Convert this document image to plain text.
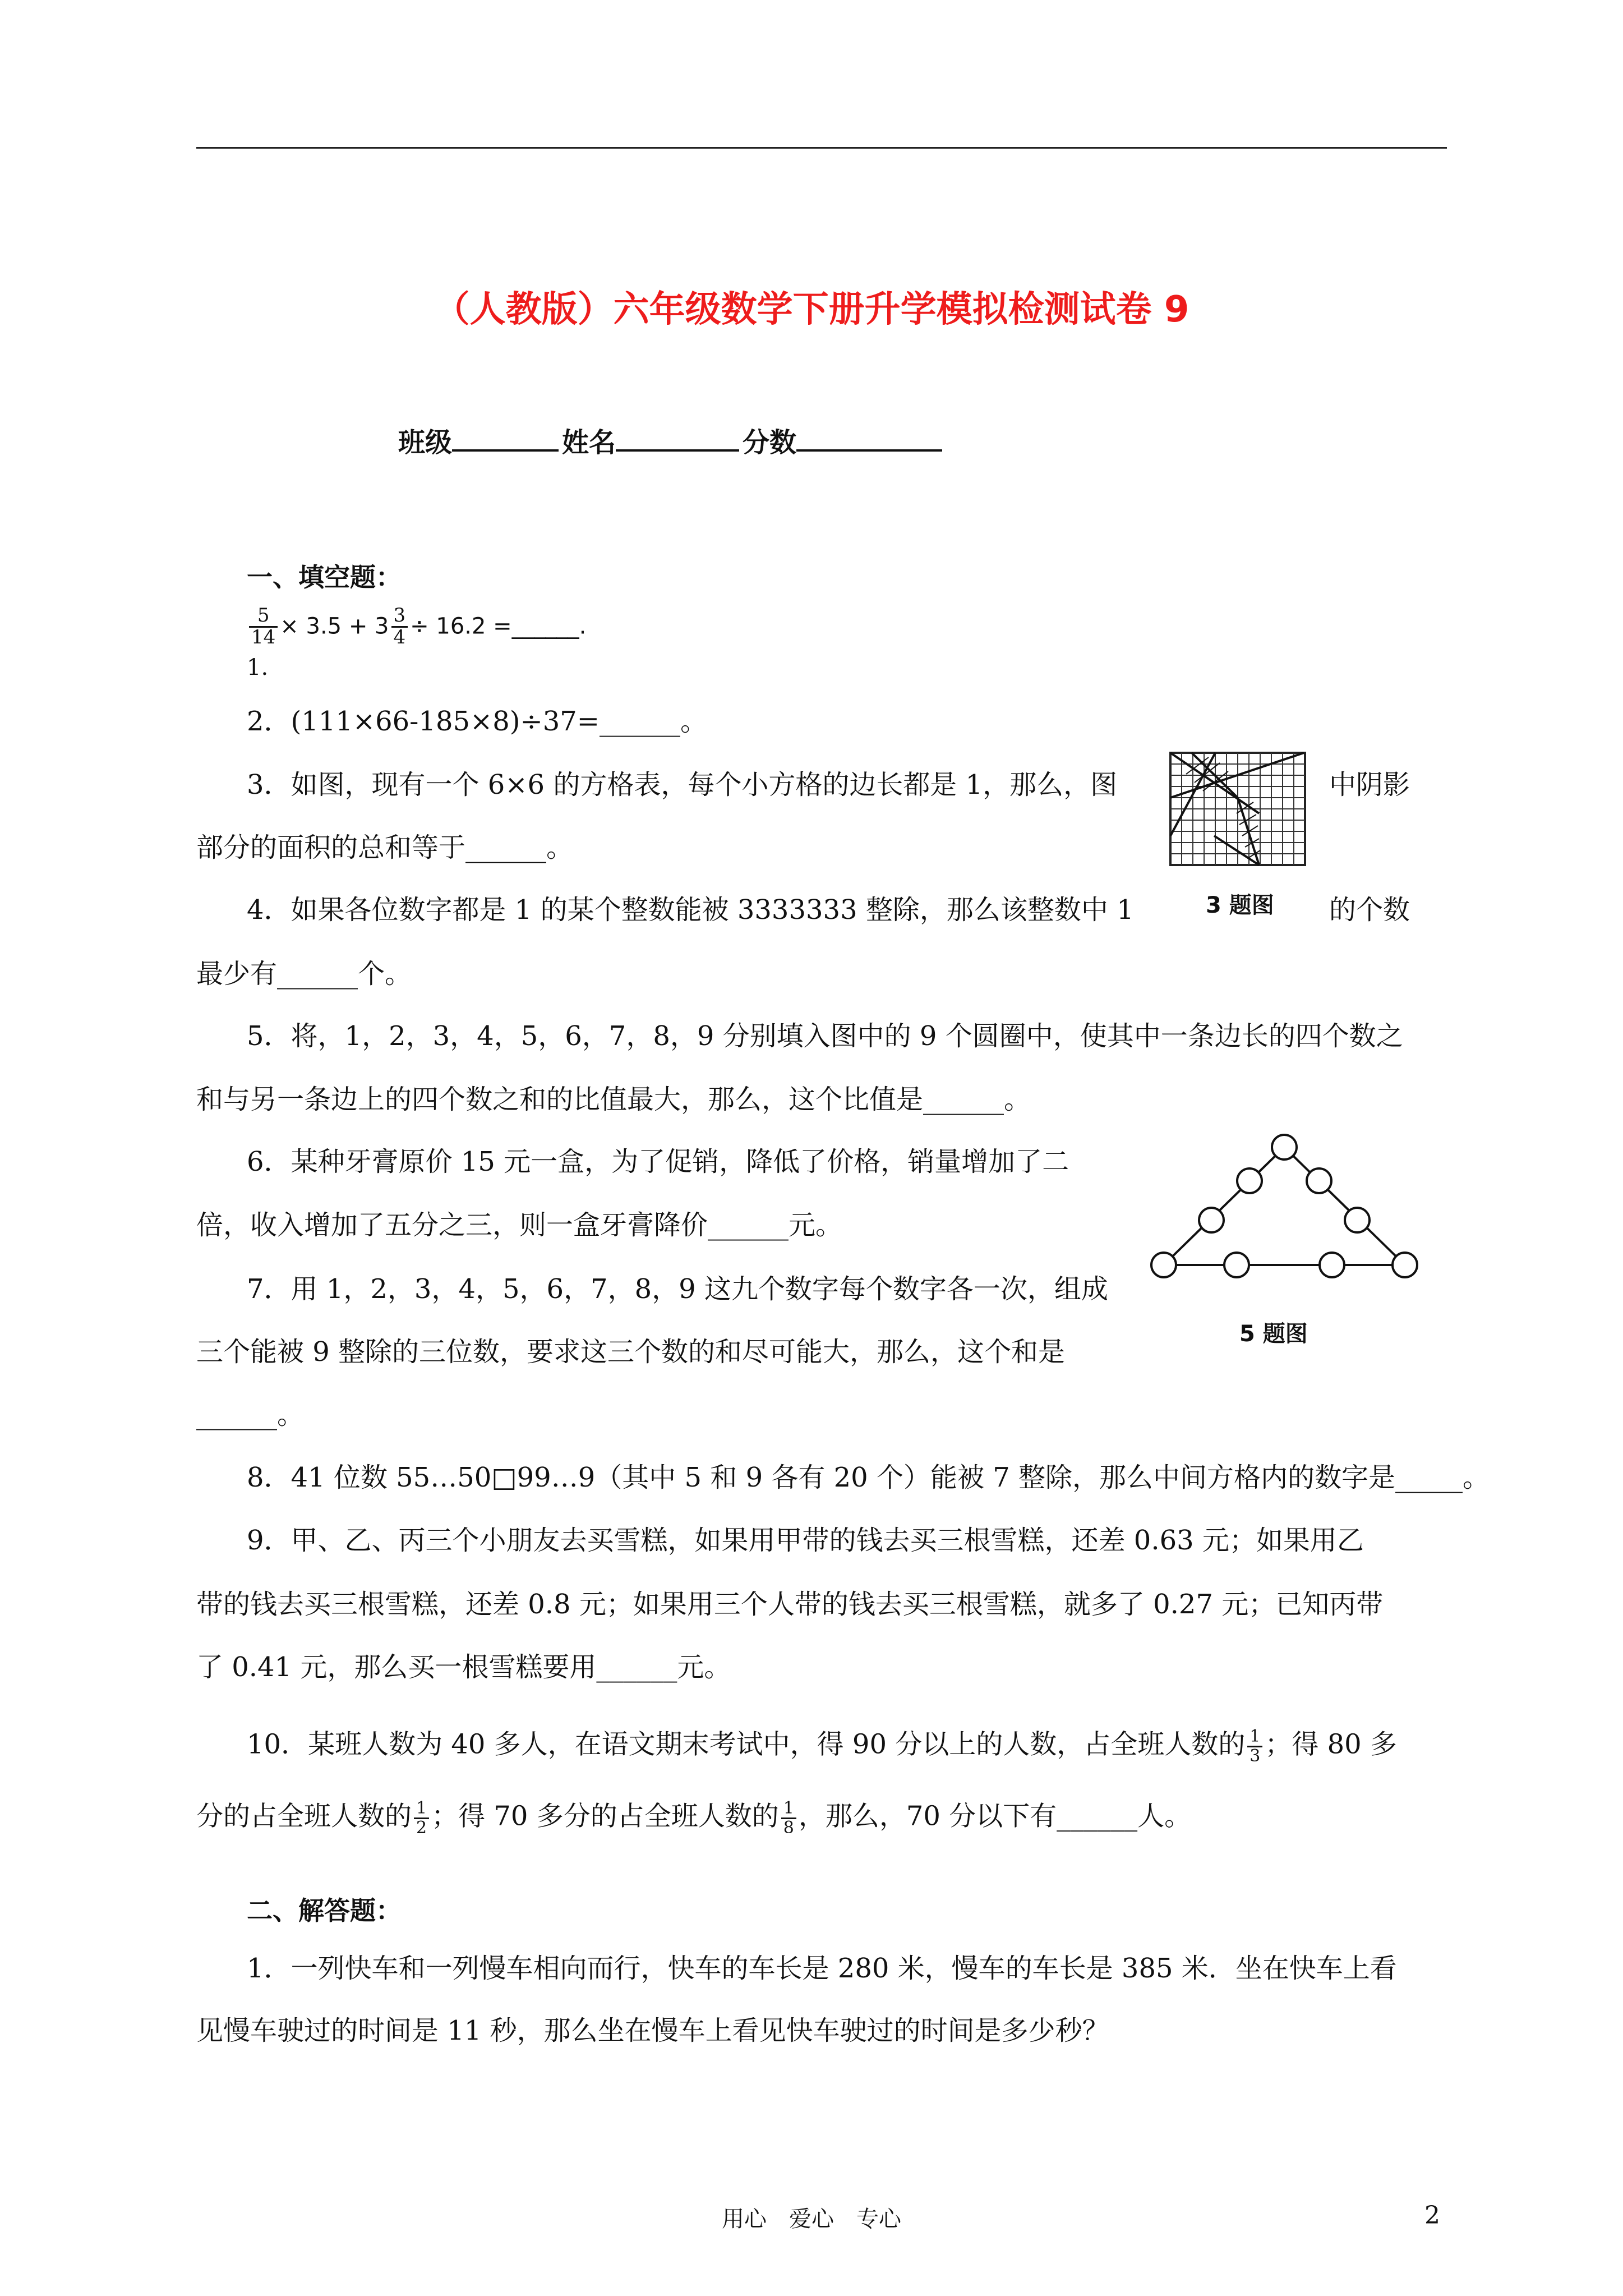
（人教版）六年级数学下册升学模拟检测试卷 9
班级	姓名	分数
一、填空题：
$\frac{5}{14} \times 3.5 + 3 \frac{3}{4} \div 16.2$ =______.
1.
2．(111×66-185×8)÷37=______。
3．如图，现有一个 6×6 的方格表，每个小方格的边长都是 1，那么，图	中阴影
部分的面积的总和等于______。
3 题图
4．如果各位数字都是 1 的某个整数能被 3333333 整除，那么该整数中 1	的个数
最少有______个。
5．将，1，2，3，4，5，6，7，8，9 分别填入图中的 9 个圆圈中，使其中一条边长的四个数之
和与另一条边上的四个数之和的比值最大，那么，这个比值是______。
6．某种牙膏原价 15 元一盒，为了促销，降低了价格，销量增加了二
倍，收入增加了五分之三，则一盒牙膏降价______元。
5 题图
7．用 1，2，3，4，5，6，7，8，9 这九个数字每个数字各一次，组成
三个能被 9 整除的三位数，要求这三个数的和尽可能大，那么，这个和是
______。
8．41 位数 55…50□99…9（其中 5 和 9 各有 20 个）能被 7 整除，那么中间方格内的数字是_____。
9．甲、乙、丙三个小朋友去买雪糕，如果用甲带的钱去买三根雪糕，还差 0.63 元；如果用乙
带的钱去买三根雪糕，还差 0.8 元；如果用三个人带的钱去买三根雪糕，就多了 0.27 元；已知丙带
了 0.41 元，那么买一根雪糕要用______元。
10．某班人数为 40 多人，在语文期末考试中，得 90 分以上的人数，占全班人数的 $\frac{1}{3}$ ；得 80 多
分的占全班人数的 $\frac{1}{2}$ ；得 70 多分的占全班人数的 $\frac{1}{8}$ ，那么，70 分以下有______人。
二、解答题：
1．一列快车和一列慢车相向而行，快车的车长是 280 米，慢车的车长是 385 米．坐在快车上看
见慢车驶过的时间是 11 秒，那么坐在慢车上看见快车驶过的时间是多少秒？
用心　爱心　专心	2
